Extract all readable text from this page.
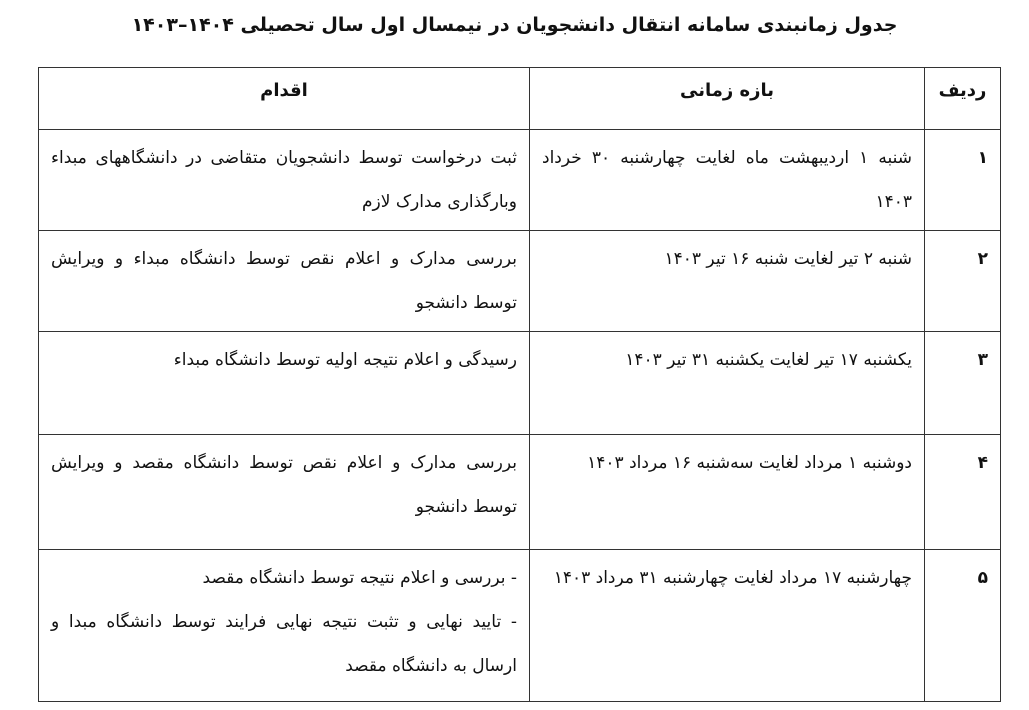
جدول زمانبندی سامانه انتقال دانشجویان در نیمسال اول سال تحصیلی ۱۴۰۴–۱۴۰۳
ردیف	بازه زمانی	اقدام
۱	شنبه ۱ اردیبهشت ماه لغایت چهارشنبه ۳۰ خرداد ۱۴۰۳	ثبت درخواست توسط دانشجویان متقاضی در دانشگاههای مبداء وبارگذاری مدارک لازم

۲	شنبه ۲ تیر لغایت شنبه ۱۶ تیر ۱۴۰۳	بررسی مدارک و اعلام نقص توسط دانشگاه مبداء و ویرایش توسط دانشجو

۳	یکشنبه ۱۷ تیر لغایت یکشنبه ۳۱ تیر ۱۴۰۳	رسیدگی و اعلام نتیجه اولیه توسط دانشگاه مبداء

۴	دوشنبه ۱ مرداد لغایت سه‌شنبه ۱۶ مرداد ۱۴۰۳	بررسی مدارک و اعلام نقص توسط دانشگاه مقصد و ویرایش توسط دانشجو

۵	چهارشنبه ۱۷ مرداد لغایت چهارشنبه ۳۱ مرداد ۱۴۰۳	- بررسی و اعلام نتیجه توسط دانشگاه مقصد
- تایید نهایی و تثبت نتیجه نهایی فرایند توسط دانشگاه مبدا و ارسال به دانشگاه مقصد
